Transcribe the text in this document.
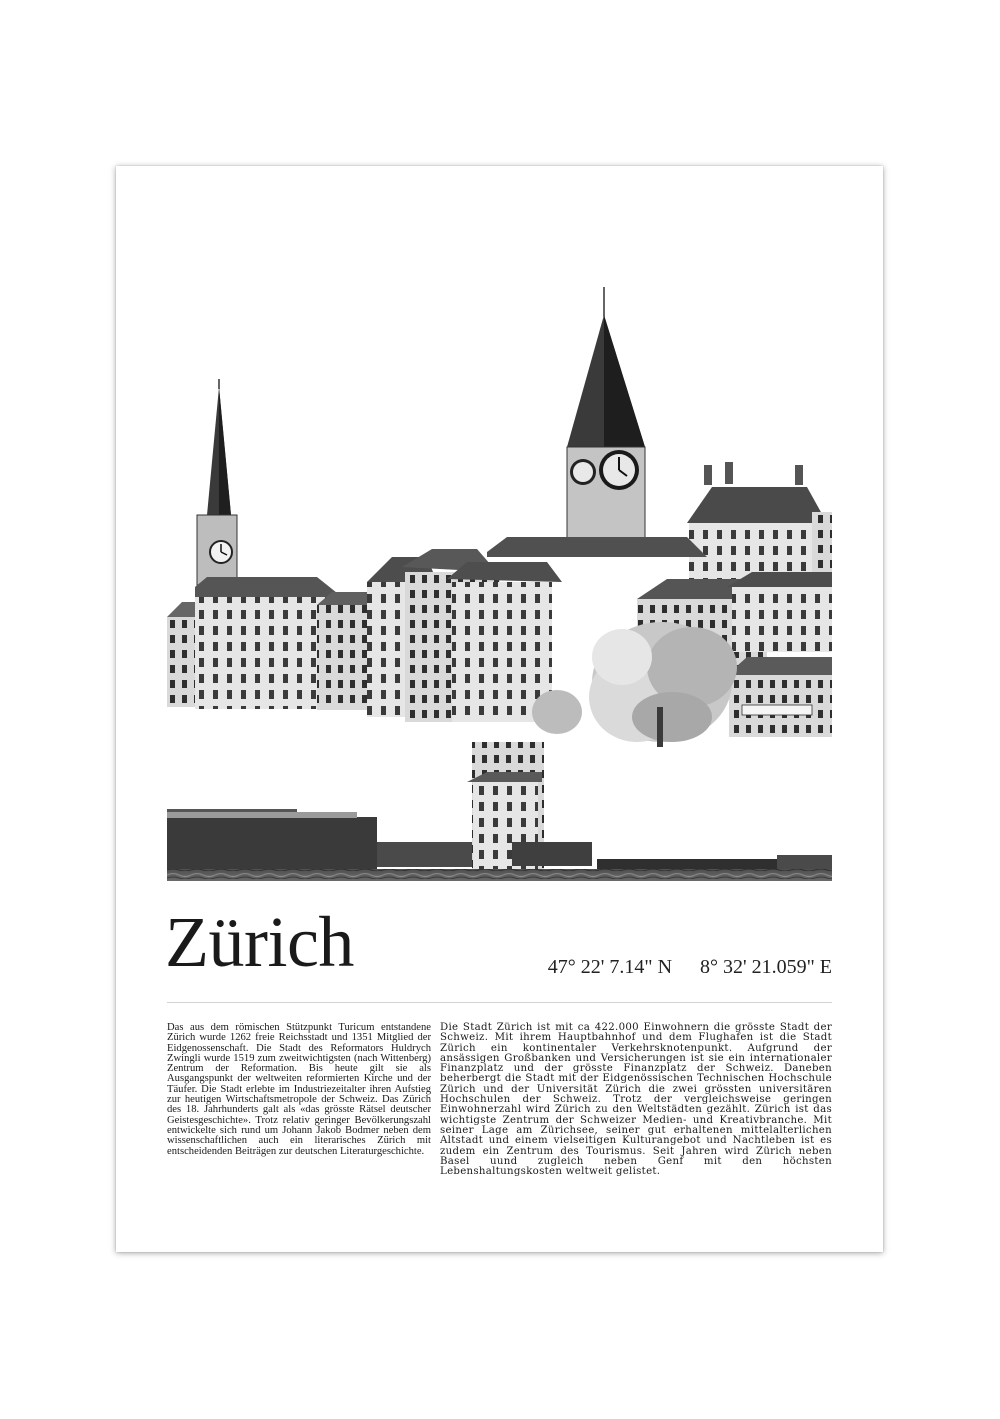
Zürich	47° 22' 7.14" N 8° 32' 21.059" E

Das aus dem römischen Stützpunkt Turicum entstandene Zürich wurde 1262 freie Reichsstadt und 1351 Mitglied der Eidgenossenschaft. Die Stadt des Reformators Huldrych Zwingli wurde 1519 zum zweitwichtigsten (nach Wittenberg) Zentrum der Reformation. Bis heute gilt sie als Ausgangspunkt der weltweiten reformierten Kirche und der Täufer. Die Stadt erlebte im Industriezeitalter ihren Aufstieg zur heutigen Wirtschaftsmetropole der Schweiz. Das Zürich des 18. Jahrhunderts galt als «das grösste Rätsel deutscher Geistesgeschichte». Trotz relativ geringer Bevölkerungszahl entwickelte sich rund um Johann Jakob Bodmer neben dem wissenschaftlichen auch ein literarisches Zürich mit entscheidenden Beiträgen zur deutschen Literaturgeschichte.

Die Stadt Zürich ist mit ca 422.000 Einwohnern die grösste Stadt der Schweiz. Mit ihrem Hauptbahnhof und dem Flughafen ist die Stadt Zürich ein kontinentaler Verkehrsknotenpunkt. Aufgrund der ansässigen Großbanken und Versicherungen ist sie ein internationaler Finanzplatz und der grösste Finanzplatz der Schweiz. Daneben beherbergt die Stadt mit der Eidgenössischen Technischen Hochschule Zürich und der Universität Zürich die zwei grössten universitären Hochschulen der Schweiz. Trotz der vergleichsweise geringen Einwohnerzahl wird Zürich zu den Weltstädten gezählt. Zürich ist das wichtigste Zentrum der Schweizer Medien- und Kreativbranche. Mit seiner Lage am Zürichsee, seiner gut erhaltenen mittelalterlichen Altstadt und einem vielseitigen Kulturangebot und Nachtleben ist es zudem ein Zentrum des Tourismus. Seit Jahren wird Zürich neben Basel uund zugleich neben Genf mit den höchsten Lebenshaltungskosten weltweit gelistet.
